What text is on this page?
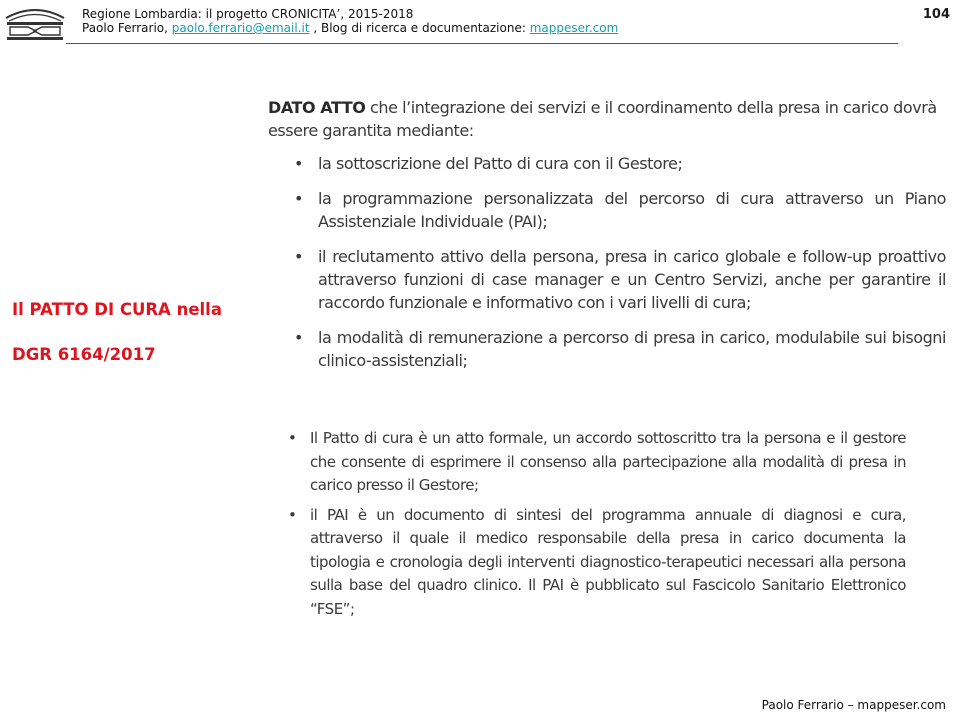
Regione Lombardia: il progetto CRONICITA’, 2015-2018
Paolo Ferrario, paolo.ferrario@email.it , Blog di ricerca e documentazione: mappeser.com
104
Il PATTO DI CURA nella
DGR 6164/2017

DATO ATTO che l’integrazione dei servizi e il coordinamento della presa in carico dovrà essere garantita mediante:

• la sottoscrizione del Patto di cura con il Gestore;
• la programmazione personalizzata del percorso di cura attraverso un Piano Assistenziale Individuale (PAI);
• il reclutamento attivo della persona, presa in carico globale e follow-up proattivo attraverso funzioni di case manager e un Centro Servizi, anche per garantire il raccordo funzionale e informativo con i vari livelli di cura;
• la modalità di remunerazione a percorso di presa in carico, modulabile sui bisogni clinico-assistenziali;
• Il Patto di cura è un atto formale, un accordo sottoscritto tra la persona e il gestore che consente di esprimere il consenso alla partecipazione alla modalità di presa in carico presso il Gestore;
• il PAI è un documento di sintesi del programma annuale di diagnosi e cura, attraverso il quale il medico responsabile della presa in carico documenta la tipologia e cronologia degli interventi diagnostico-terapeutici necessari alla persona sulla base del quadro clinico. Il PAI è pubblicato sul Fascicolo Sanitario Elettronico “FSE”;
Paolo Ferrario – mappeser.com
